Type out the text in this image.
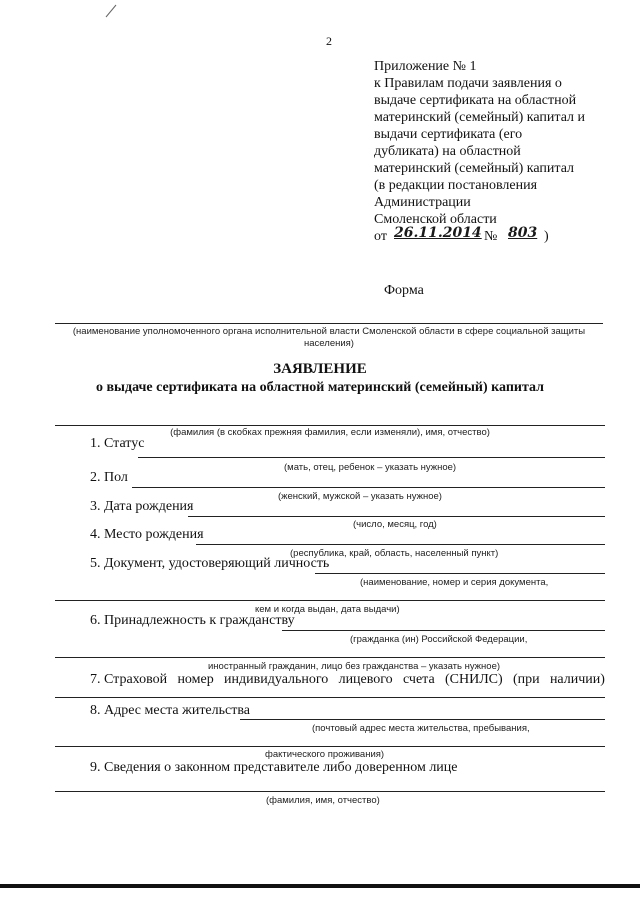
2
Приложение № 1
к Правилам подачи заявления о
выдаче сертификата на областной
материнский (семейный) капитал и
выдачи сертификата (его
дубликата) на областной
материнский (семейный) капитал
(в редакции постановления
Администрации
Смоленской области
от 26.11.2014 № 803 )
Форма
(наименование уполномоченного органа исполнительной власти Смоленской области в сфере социальной защиты населения)
ЗАЯВЛЕНИЕ
о выдаче сертификата на областной материнский (семейный) капитал
(фамилия (в скобках прежняя фамилия, если изменяли), имя, отчество)
1. Статус
(мать, отец, ребенок – указать нужное)
2. Пол
(женский, мужской – указать нужное)
3. Дата рождения
(число, месяц, год)
4. Место рождения
(республика, край, область, населенный пункт)
5. Документ, удостоверяющий личность
(наименование, номер и серия документа,
кем и когда выдан, дата выдачи)
6. Принадлежность к гражданству
(гражданка (ин) Российской Федерации,
иностранный гражданин, лицо без гражданства – указать нужное)
7. Страховой номер индивидуального лицевого счета (СНИЛС) (при наличии)
8. Адрес места жительства
(почтовый адрес места жительства, пребывания,
фактического проживания)
9. Сведения о законном представителе либо доверенном лице
(фамилия, имя, отчество)
